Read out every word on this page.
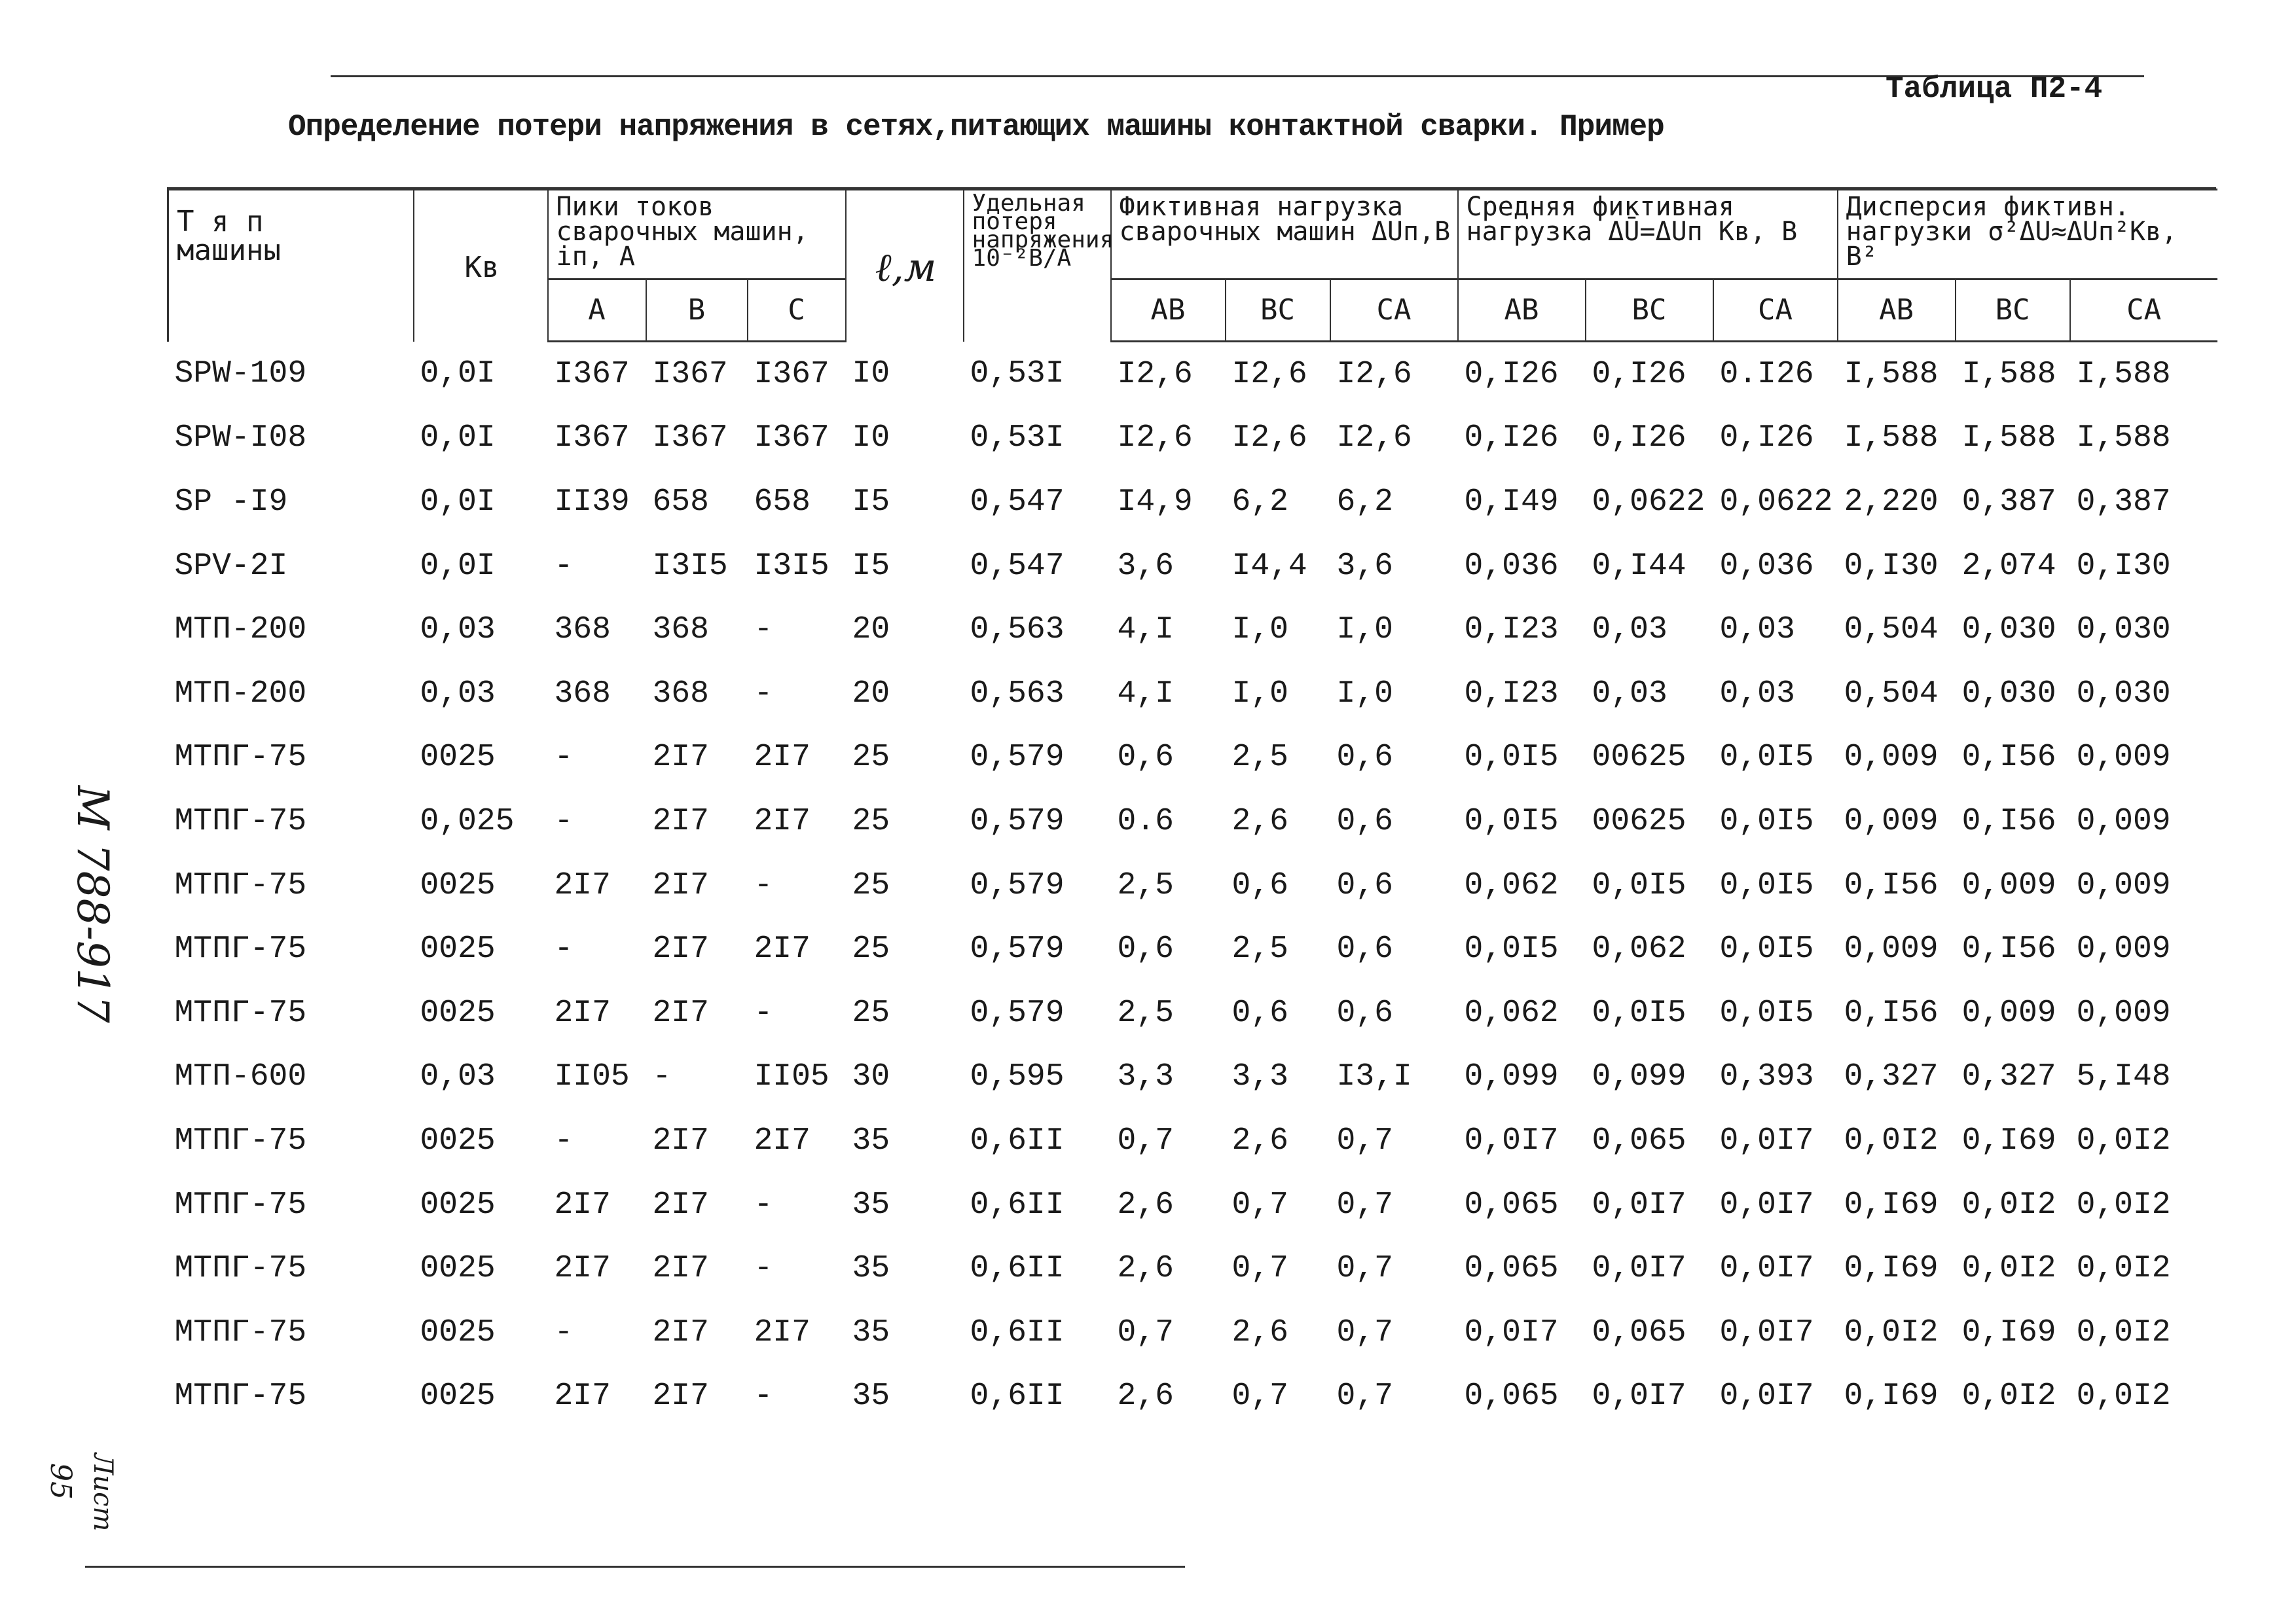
Таблица П2-4
Определение потери напряжения в сетях,питающих машины контактной сварки. Пример
Т я п машины	Кв	Пики токов сварочных машин, iп, А			ℓ,м	Удельная потеря напряжения 10⁻²В/А	Фиктивная нагрузка сварочных машин ΔUп,В			Средняя фиктивная нагрузка ΔŪ=ΔUп Кв, В			Дисперсия фиктивн. нагрузки σ²ΔU≈ΔUп²Кв, В²		
		А	В	С			АВ	ВС	СА	АВ	ВС	СА	АВ	ВС	СА
SPW-109	0,0I	I367	I367	I367	I0	0,53I	I2,6	I2,6	I2,6	0,I26	0,I26	0.I26	I,588	I,588	I,588
SPW-I08	0,0I	I367	I367	I367	I0	0,53I	I2,6	I2,6	I2,6	0,I26	0,I26	0,I26	I,588	I,588	I,588
SP -I9	0,0I	II39	658	658	I5	0,547	I4,9	6,2	6,2	0,I49	0,0622	0,0622	2,220	0,387	0,387
SPV-2I	0,0I	-	I3I5	I3I5	I5	0,547	3,6	I4,4	3,6	0,036	0,I44	0,036	0,I30	2,074	0,I30
МТП-200	0,03	368	368	-	20	0,563	4,I	I,0	I,0	0,I23	0,03	0,03	0,504	0,030	0,030
МТП-200	0,03	368	368	-	20	0,563	4,I	I,0	I,0	0,I23	0,03	0,03	0,504	0,030	0,030
МТПГ-75	0025	-	2I7	2I7	25	0,579	0,6	2,5	0,6	0,0I5	00625	0,0I5	0,009	0,I56	0,009
МТПГ-75	0,025	-	2I7	2I7	25	0,579	0.6	2,6	0,6	0,0I5	00625	0,0I5	0,009	0,I56	0,009
МТПГ-75	0025	2I7	2I7	-	25	0,579	2,5	0,6	0,6	0,062	0,0I5	0,0I5	0,I56	0,009	0,009
МТПГ-75	0025	-	2I7	2I7	25	0,579	0,6	2,5	0,6	0,0I5	0,062	0,0I5	0,009	0,I56	0,009
МТПГ-75	0025	2I7	2I7	-	25	0,579	2,5	0,6	0,6	0,062	0,0I5	0,0I5	0,I56	0,009	0,009
МТП-600	0,03	II05	-	II05	30	0,595	3,3	3,3	I3,I	0,099	0,099	0,393	0,327	0,327	5,I48
МТПГ-75	0025	-	2I7	2I7	35	0,6II	0,7	2,6	0,7	0,0I7	0,065	0,0I7	0,0I2	0,I69	0,0I2
МТПГ-75	0025	2I7	2I7	-	35	0,6II	2,6	0,7	0,7	0,065	0,0I7	0,0I7	0,I69	0,0I2	0,0I2
МТПГ-75	0025	2I7	2I7	-	35	0,6II	2,6	0,7	0,7	0,065	0,0I7	0,0I7	0,I69	0,0I2	0,0I2
МТПГ-75	0025	-	2I7	2I7	35	0,6II	0,7	2,6	0,7	0,0I7	0,065	0,0I7	0,0I2	0,I69	0,0I2
МТПГ-75	0025	2I7	2I7	-	35	0,6II	2,6	0,7	0,7	0,065	0,0I7	0,0I7	0,I69	0,0I2	0,0I2
М 788-917
Лист
95
